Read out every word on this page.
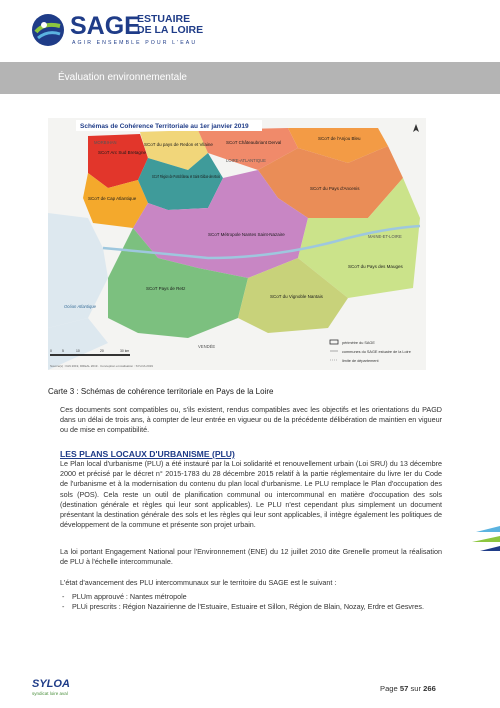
SAGE
ESTUAIRE
DE LA LOIRE
AGIR ENSEMBLE POUR L'EAU
Évaluation environnementale
Schémas de Cohérence Territoriale au 1er janvier 2019
SCoT Arc Sud Bretagne
SCoT du pays de Redon et Vilaine	SCoT Châteaubriant Derval
SCoT de l'Anjou Bleu
SCoT de Cap Atlantique
SCoT Région de Pontchâteau et Saint-Gildas-des-Bois
SCoT du Pays d'Ancenis
SCoT Métropole Nantes Saint-Nazaire
SCoT du Pays des Mauges
SCoT Pays de Retz
SCoT du Vignoble Nantais
MORBIHAN
LOIRE-ATLANTIQUE
MAINE-ET-LOIRE
VENDÉE
Océan Atlantique
périmètre du SAGE
communes du SAGE estuaire de la Loire
limite de département
0	5	10	20	30 km
Source(s) : IGN 2019, DREAL 2019 · Conception et réalisation : SYLOA 2019
Carte 3 : Schémas de cohérence territoriale en Pays de la Loire
Ces documents sont compatibles ou, s'ils existent, rendus compatibles avec les objectifs et les orientations du PAGD dans un délai de trois ans, à compter de leur entrée en vigueur ou de la précédente délibération de maintien en vigueur ou de mise en compatibilité.
LES PLANS LOCAUX D'URBANISME (PLU)
Le Plan local d'urbanisme (PLU) a été instauré par la Loi solidarité et renouvellement urbain (Loi SRU) du 13 décembre 2000 et précisé par le décret n° 2015-1783 du 28 décembre 2015 relatif à la partie réglementaire du livre Ier du Code de l'urbanisme et à la modernisation du contenu du plan local d'urbanisme. Le PLU remplace le Plan d'occupation des sols (POS). Cela reste un outil de planification communal ou intercommunal en matière d'occupation des sols (destination générale et règles qui leur sont applicables). Le PLU n'est cependant plus simplement un document présentant la destination générale des sols et les règles qui leur sont applicables, il intègre également les politiques de développement de la commune et présente son projet urbain.
La loi portant Engagement National pour l'Environnement (ENE) du 12 juillet 2010 dite Grenelle promeut la réalisation de PLU à l'échelle intercommunale.
L'état d'avancement des PLU intercommunaux sur le territoire du SAGE est le suivant :
- PLUm approuvé : Nantes métropole
- PLUi prescrits : Région Nazairienne de l'Estuaire, Estuaire et Sillon, Région de Blain, Nozay, Erdre et Gesvres.
SYLOA
syndicat loire aval
Page 57 sur 266
